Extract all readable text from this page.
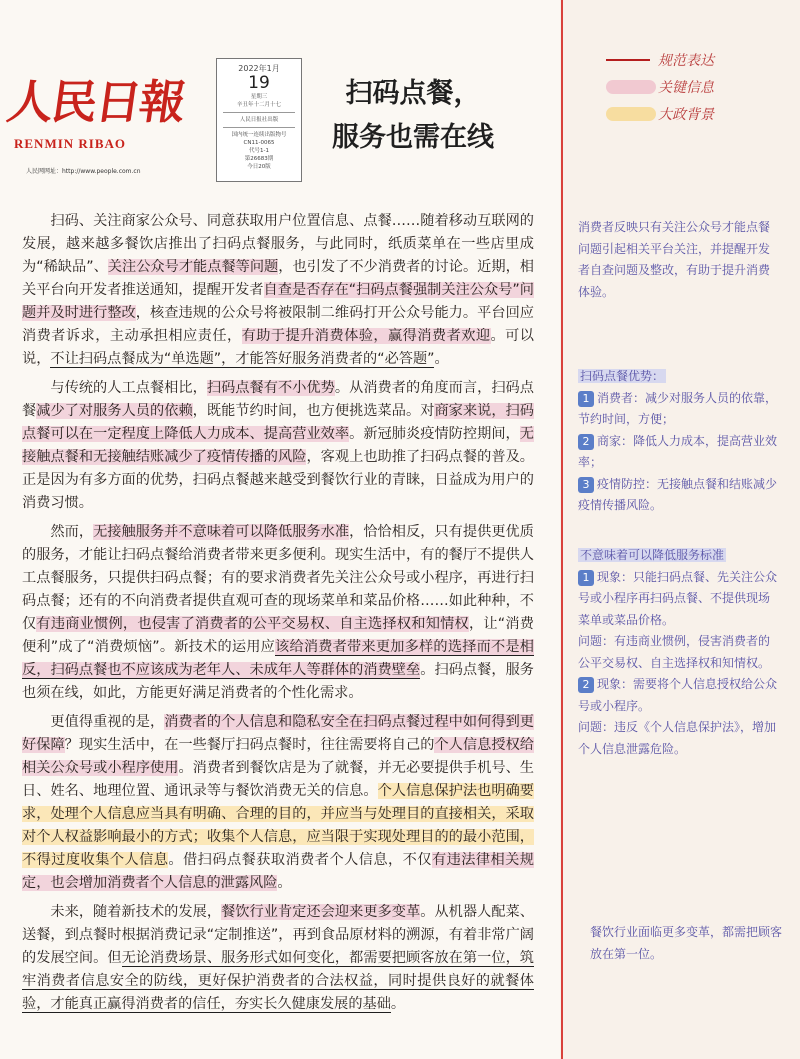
人民日報
RENMIN RIBAO
人民网网址：http://www.people.com.cn
2022年1月
19
星期三
辛丑年十二月十七
人民日报社出版
国内统一连续出版物号
CN11-0065
代号1-1
第26683期
今日20版
扫码点餐，
服务也需在线

扫码、关注商家公众号、同意获取用户位置信息、点餐……随着移动互联网的发展，越来越多餐饮店推出了扫码点餐服务，与此同时，纸质菜单在一些店里成为“稀缺品”、关注公众号才能点餐等问题，也引发了不少消费者的讨论。近期，相关平台向开发者推送通知，提醒开发者自查是否存在“扫码点餐强制关注公众号”问题并及时进行整改，核查违规的公众号将被限制二维码打开公众号能力。平台回应消费者诉求，主动承担相应责任，有助于提升消费体验，赢得消费者欢迎。可以说，不让扫码点餐成为“单选题”，才能答好服务消费者的“必答题”。

与传统的人工点餐相比，扫码点餐有不小优势。从消费者的角度而言，扫码点餐减少了对服务人员的依赖，既能节约时间，也方便挑选菜品。对商家来说，扫码点餐可以在一定程度上降低人力成本、提高营业效率。新冠肺炎疫情防控期间，无接触点餐和无接触结账减少了疫情传播的风险，客观上也助推了扫码点餐的普及。正是因为有多方面的优势，扫码点餐越来越受到餐饮行业的青睐，日益成为用户的消费习惯。

然而，无接触服务并不意味着可以降低服务水准，恰恰相反，只有提供更优质的服务，才能让扫码点餐给消费者带来更多便利。现实生活中，有的餐厅不提供人工点餐服务，只提供扫码点餐；有的要求消费者先关注公众号或小程序，再进行扫码点餐；还有的不向消费者提供直观可查的现场菜单和菜品价格……如此种种，不仅有违商业惯例，也侵害了消费者的公平交易权、自主选择权和知情权，让“消费便利”成了“消费烦恼”。新技术的运用应该给消费者带来更加多样的选择而不是相反，扫码点餐也不应该成为老年人、未成年人等群体的消费壁垒。扫码点餐，服务也须在线，如此，方能更好满足消费者的个性化需求。

更值得重视的是，消费者的个人信息和隐私安全在扫码点餐过程中如何得到更好保障？现实生活中，在一些餐厅扫码点餐时，往往需要将自己的个人信息授权给相关公众号或小程序使用。消费者到餐饮店是为了就餐，并无必要提供手机号、生日、姓名、地理位置、通讯录等与餐饮消费无关的信息。个人信息保护法也明确要求，处理个人信息应当具有明确、合理的目的，并应当与处理目的直接相关，采取对个人权益影响最小的方式；收集个人信息，应当限于实现处理目的的最小范围，不得过度收集个人信息。借扫码点餐获取消费者个人信息，不仅有违法律相关规定，也会增加消费者个人信息的泄露风险。

未来，随着新技术的发展，餐饮行业肯定还会迎来更多变革。从机器人配菜、送餐，到点餐时根据消费记录“定制推送”，再到食品原材料的溯源，有着非常广阔的发展空间。但无论消费场景、服务形式如何变化，都需要把顾客放在第一位，筑牢消费者信息安全的防线，更好保护消费者的合法权益，同时提供良好的就餐体验，才能真正赢得消费者的信任，夯实长久健康发展的基础。

规范表达
关键信息
大政背景
消费者反映只有关注公众号才能点餐问题引起相关平台关注，并提醒开发者自查问题及整改，有助于提升消费体验。
扫码点餐优势：
1 消费者：减少对服务人员的依靠，节约时间，方便；
2 商家：降低人力成本，提高营业效率；
3 疫情防控：无接触点餐和结账减少疫情传播风险。
不意味着可以降低服务标准
1 现象：只能扫码点餐、先关注公众号或小程序再扫码点餐、不提供现场菜单或菜品价格。
问题：有违商业惯例，侵害消费者的公平交易权、自主选择权和知情权。
2 现象：需要将个人信息授权给公众号或小程序。
问题：违反《个人信息保护法》，增加个人信息泄露危险。
餐饮行业面临更多变革，都需把顾客放在第一位。
